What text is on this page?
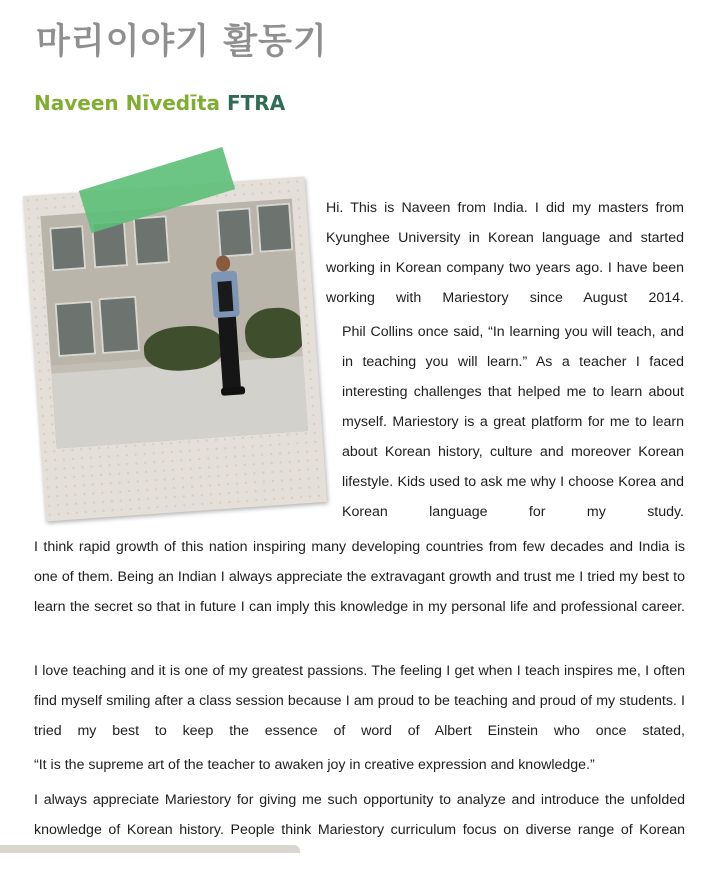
마리이야기 활동기
Naveen Nīvedīta FTRA

Hi. This is Naveen from India. I did my masters from Kyunghee University in Korean language and started working in Korean company two years ago. I have been working with Mariestory since August 2014.

Phil Collins once said, “In learning you will teach, and in teaching you will learn.” As a teacher I faced interesting challenges that helped me to learn about myself. Mariestory is a great platform for me to learn about Korean history, culture and moreover Korean lifestyle. Kids used to ask me why I choose Korea and Korean language for my study.

I think rapid growth of this nation inspiring many developing countries from few decades and India is one of them. Being an Indian I always appreciate the extravagant growth and trust me I tried my best to learn the secret so that in future I can imply this knowledge in my personal life and professional career.

I love teaching and it is one of my greatest passions. The feeling I get when I teach inspires me, I often find myself smiling after a class session because I am proud to be teaching and proud of my students. I tried my best to keep the essence of word of Albert Einstein who once stated,

“It is the supreme art of the teacher to awaken joy in creative expression and knowledge.”

I always appreciate Mariestory for giving me such opportunity to analyze and introduce the unfolded knowledge of Korean history. People think Mariestory curriculum focus on diverse range of Korean
